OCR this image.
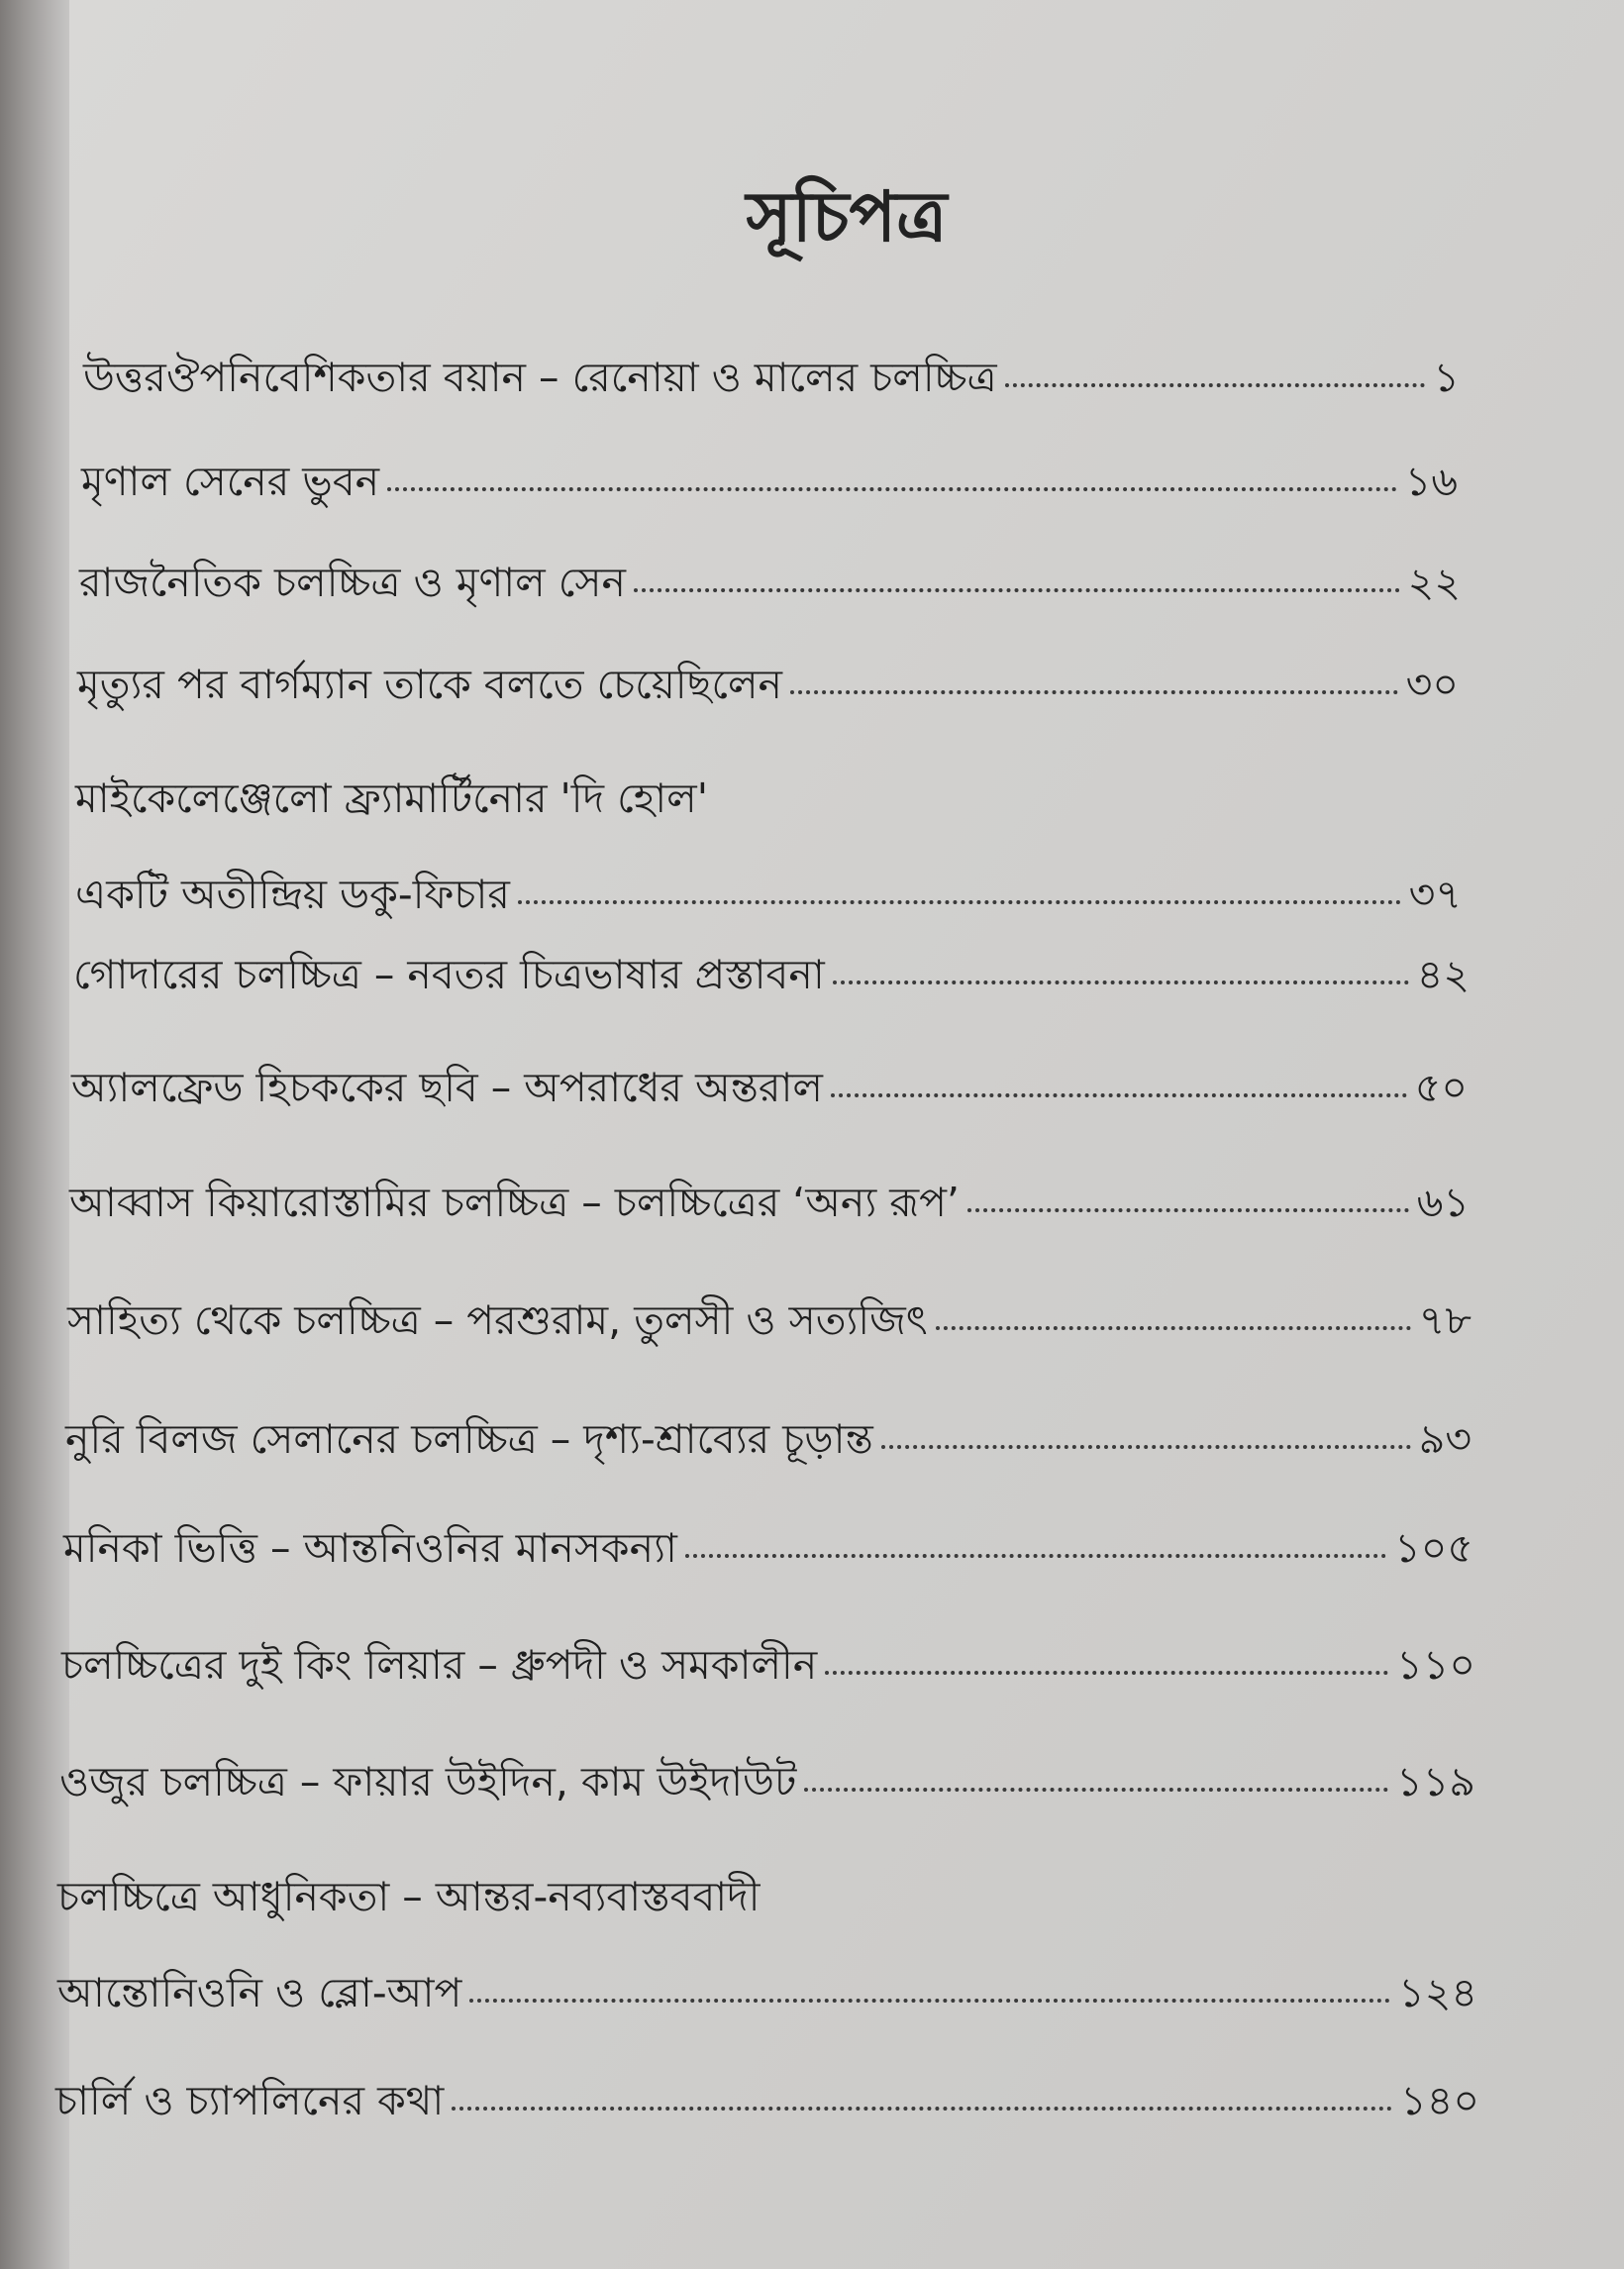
সূচিপত্র
উত্তরঔপনিবেশিকতার বয়ান – রেনোয়া ও মালের চলচ্চিত্র	১
মৃণাল সেনের ভুবন	১৬
রাজনৈতিক চলচ্চিত্র ও মৃণাল সেন	২২
মৃত্যুর পর বার্গম্যান তাকে বলতে চেয়েছিলেন	৩০
মাইকেলেঞ্জেলো ফ্র্যামার্টিনোর 'দি হোল'
একটি অতীন্দ্রিয় ডকু-ফিচার	৩৭
গোদারের চলচ্চিত্র – নবতর চিত্রভাষার প্রস্তাবনা	৪২
অ্যালফ্রেড হিচককের ছবি – অপরাধের অন্তরাল	৫০
আব্বাস কিয়ারোস্তামির চলচ্চিত্র – চলচ্চিত্রের ‘অন্য রূপ’	৬১
সাহিত্য থেকে চলচ্চিত্র – পরশুরাম, তুলসী ও সত্যজিৎ	৭৮
নুরি বিলজ সেলানের চলচ্চিত্র – দৃশ্য-শ্রাব্যের চূড়ান্ত	৯৩
মনিকা ভিত্তি – আন্তনিওনির মানসকন্যা	১০৫
চলচ্চিত্রের দুই কিং লিয়ার – ধ্রুপদী ও সমকালীন	১১০
ওজুর চলচ্চিত্র – ফায়ার উইদিন, কাম উইদাউট	১১৯
চলচ্চিত্রে আধুনিকতা – আন্তর-নব্যবাস্তববাদী
আন্তোনিওনি ও ব্লো-আপ	১২৪
চার্লি ও চ্যাপলিনের কথা	১৪০
